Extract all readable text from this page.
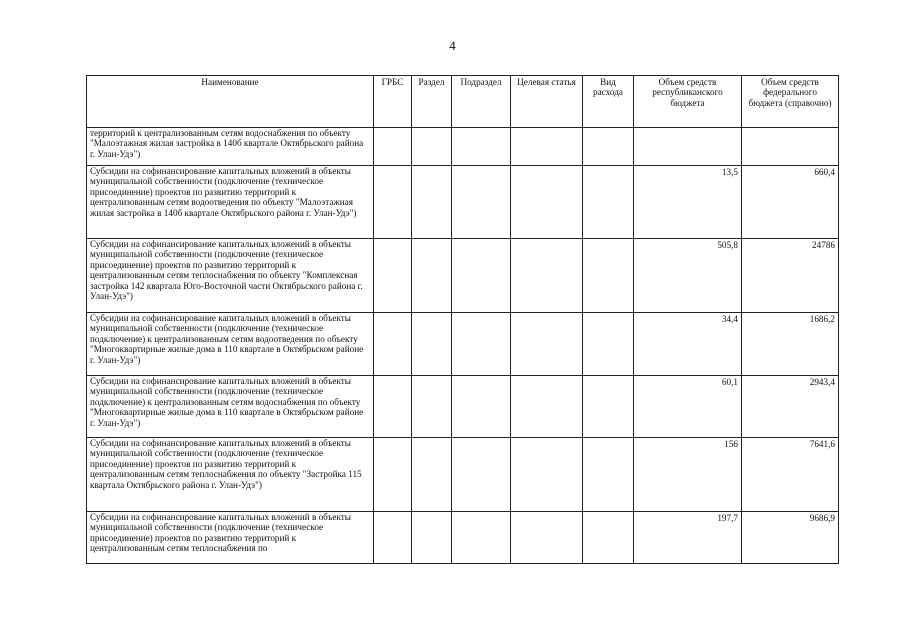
4
Наименование	ГРБС	Раздел	Подраздел	Целевая статья	Вид расхода	Объем средств республиканского бюджета	Объем средств федерального бюджета (справочно)
территорий к централизованным сетям водоснабжения по объекту "Малоэтажная жилая застройка в 140б квартале Октябрьского района г. Улан-Удэ")							
Субсидии на софинансирование капитальных вложений в объекты муниципальной собственности (подключение (техническое присоединение) проектов по развитию территорий к централизованным сетям водоотведения по объекту "Малоэтажная жилая застройка в 140б квартале Октябрьского района г. Улан-Удэ")						13,5	660,4
Субсидии на софинансирование капитальных вложений в объекты муниципальной собственности (подключение (техническое присоединение) проектов по развитию территорий к централизованным сетям теплоснабжения по объекту "Комплексная застройка 142 квартала Юго-Восточной части Октябрьского района г. Улан-Удэ")						505,8	24786
Субсидии на софинансирование капитальных вложений в объекты муниципальной собственности (подключение (техническое подключение) к централизованным сетям водоотведения по объекту "Многоквартирные жилые дома в 110 квартале в Октябрьском районе г. Улан-Удэ")						34,4	1686,2
Субсидии на софинансирование капитальных вложений в объекты муниципальной собственности (подключение (техническое подключение) к централизованным сетям водоснабжения по объекту "Многоквартирные жилые дома в 110 квартале в Октябрьском районе г. Улан-Удэ")						60,1	2943,4
Субсидии на софинансирование капитальных вложений в объекты муниципальной собственности (подключение (техническое присоединение) проектов по развитию территорий к централизованным сетям теплоснабжения по объекту "Застройка 115 квартала Октябрьского района г. Улан-Удэ")						156	7641,6
Субсидии на софинансирование капитальных вложений в объекты муниципальной собственности (подключение (техническое присоединение) проектов по развитию территорий к централизованным сетям теплоснабжения по						197,7	9686,9
